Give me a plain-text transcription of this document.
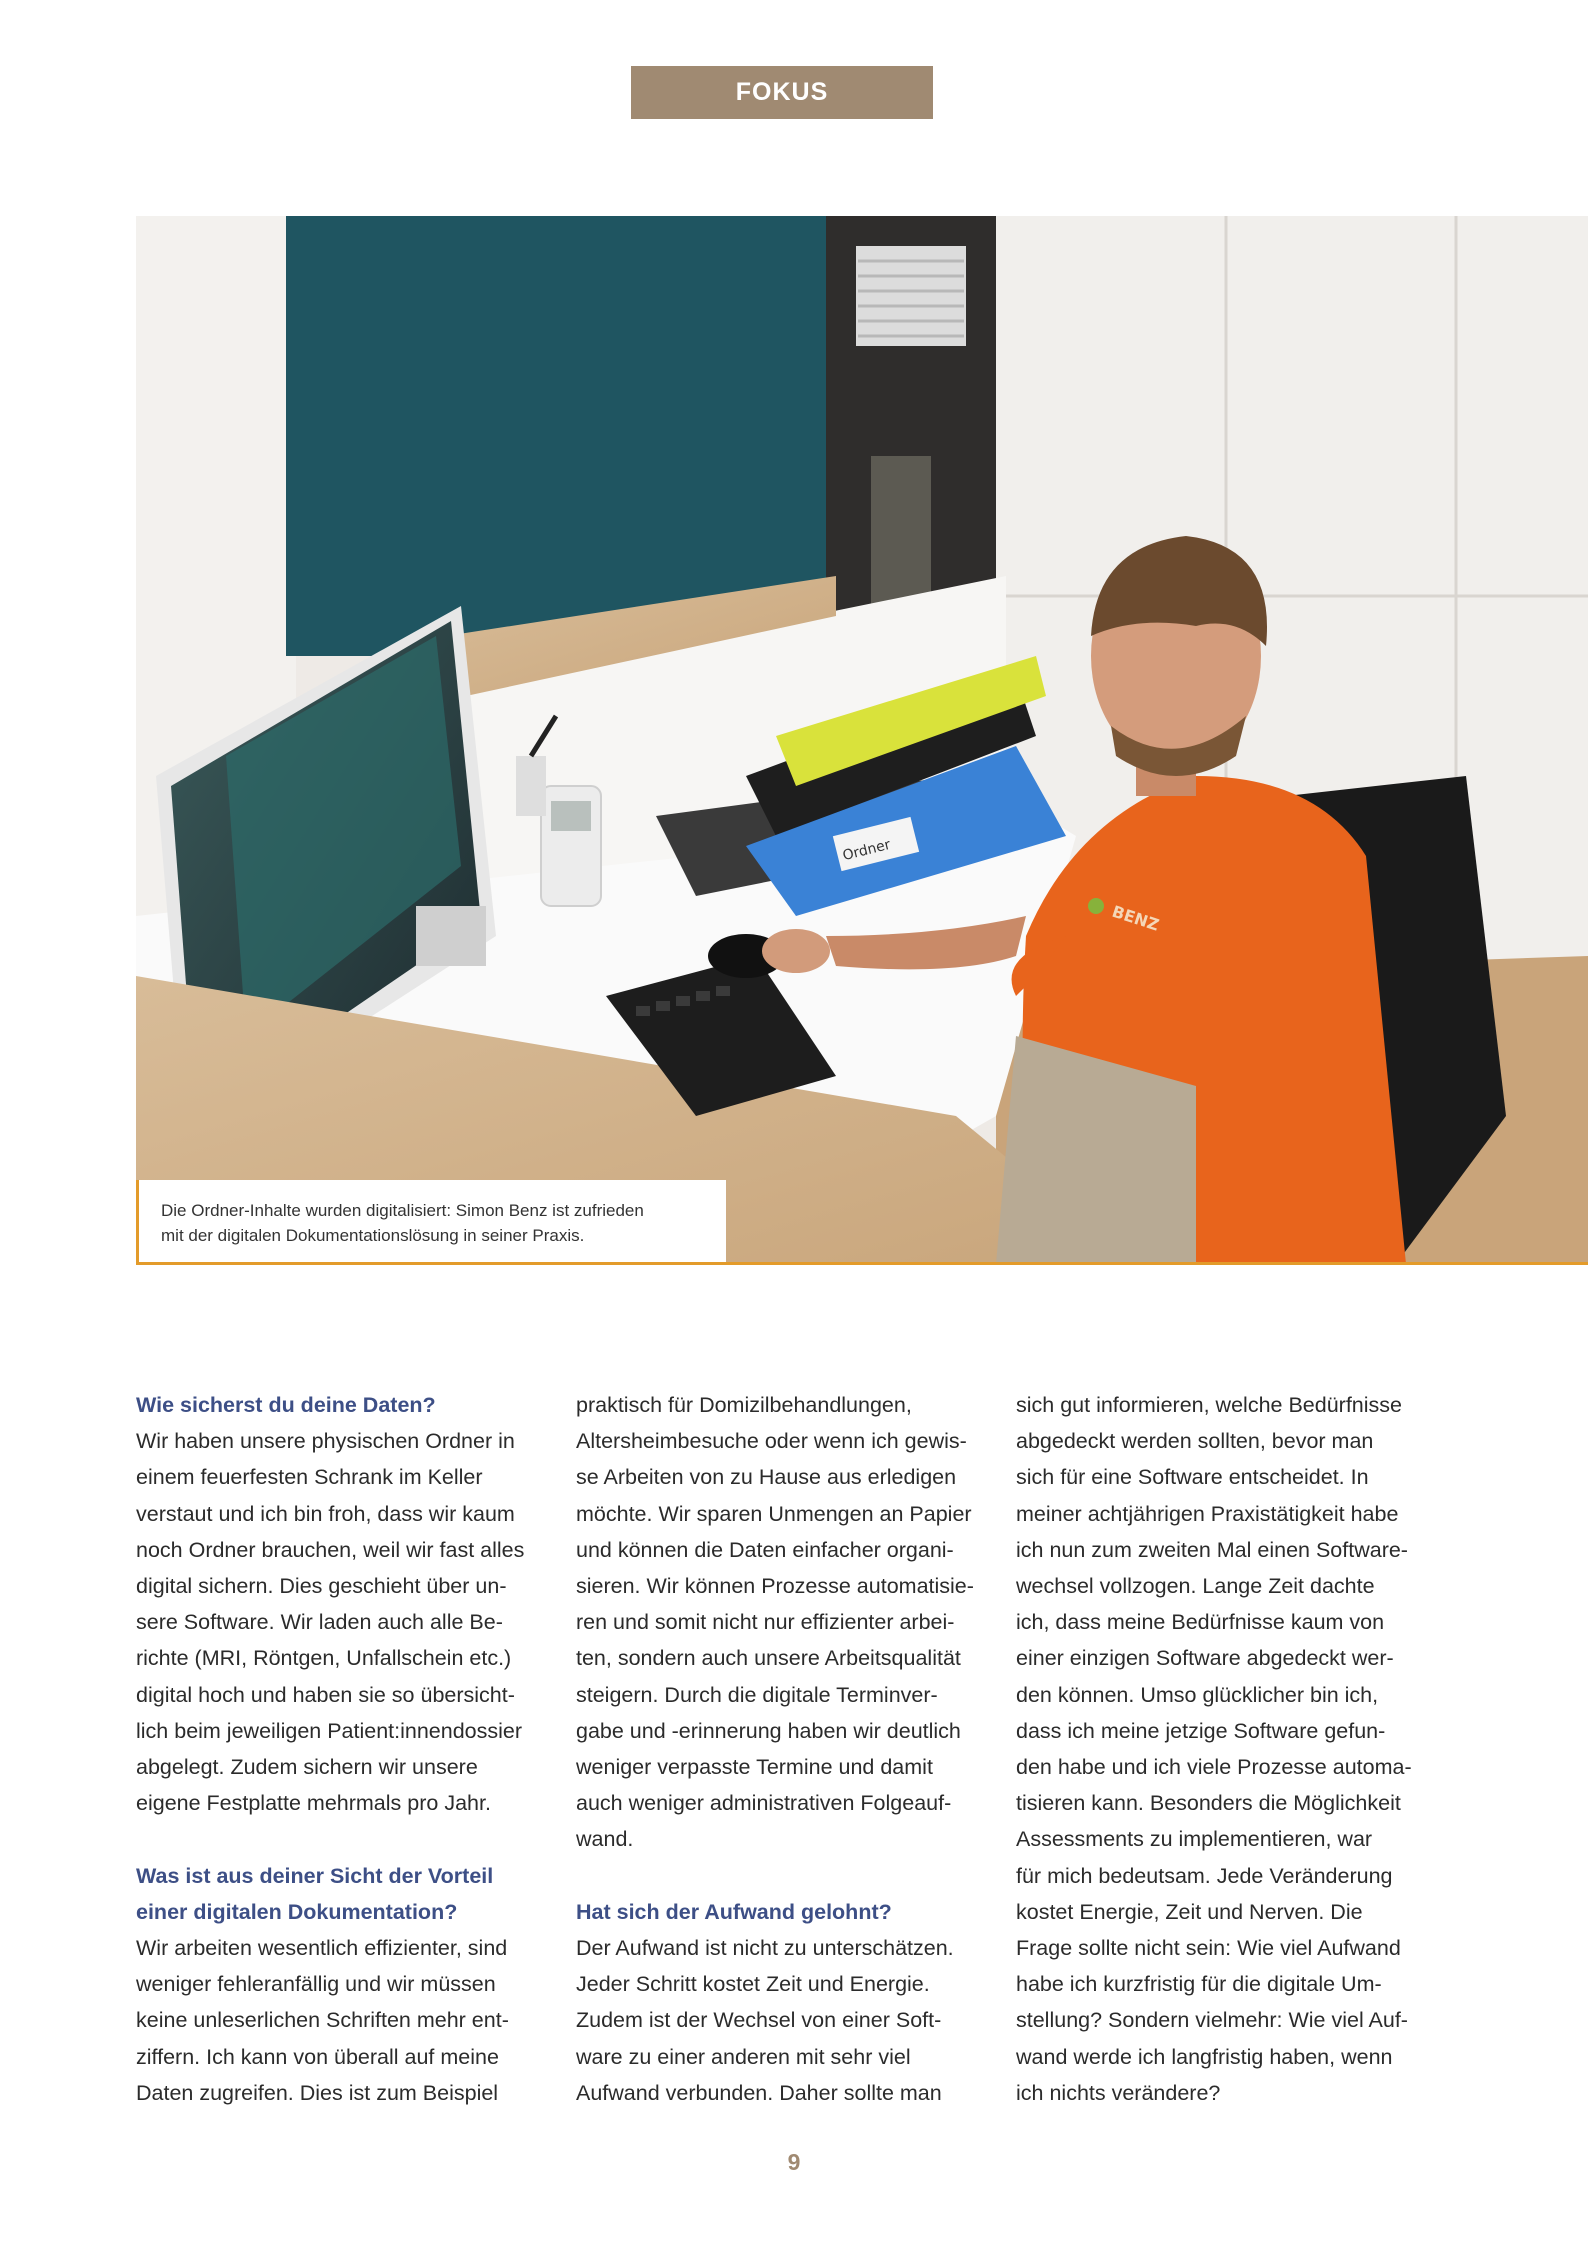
FOKUS
Ordner
BENZ
Die Ordner-Inhalte wurden digitalisiert: Simon Benz ist zufrieden
mit der digitalen Dokumentationslösung in seiner Praxis.
Wie sicherst du deine Daten?

Wir haben unsere physischen Ordner in
einem feuerfesten Schrank im Keller
verstaut und ich bin froh, dass wir kaum
noch Ordner brauchen, weil wir fast alles
digital sichern. Dies geschieht über un-
sere Software. Wir laden auch alle Be-
richte (MRI, Röntgen, Unfallschein etc.)
digital hoch und haben sie so übersicht-
lich beim jeweiligen Patient:innendossier
abgelegt. Zudem sichern wir unsere
eigene Festplatte mehrmals pro Jahr.

Was ist aus deiner Sicht der Vorteil
einer digitalen Dokumentation?

Wir arbeiten wesentlich effizienter, sind
weniger fehleranfällig und wir müssen
keine unleserlichen Schriften mehr ent-
ziffern. Ich kann von überall auf meine
Daten zugreifen. Dies ist zum Beispiel

praktisch für Domizilbehandlungen,
Altersheimbesuche oder wenn ich gewis-
se Arbeiten von zu Hause aus erledigen
möchte. Wir sparen Unmengen an Papier
und können die Daten einfacher organi-
sieren. Wir können Prozesse automatisie-
ren und somit nicht nur effizienter arbei-
ten, sondern auch unsere Arbeitsqualität
steigern. Durch die digitale Terminver-
gabe und -erinnerung haben wir deutlich
weniger verpasste Termine und damit
auch weniger administrativen Folgeauf-
wand.

Hat sich der Aufwand gelohnt?

Der Aufwand ist nicht zu unterschätzen.
Jeder Schritt kostet Zeit und Energie.
Zudem ist der Wechsel von einer Soft-
ware zu einer anderen mit sehr viel
Aufwand verbunden. Daher sollte man

sich gut informieren, welche Bedürfnisse
abgedeckt werden sollten, bevor man
sich für eine Software entscheidet. In
meiner achtjährigen Praxistätigkeit habe
ich nun zum zweiten Mal einen Software-
wechsel vollzogen. Lange Zeit dachte
ich, dass meine Bedürfnisse kaum von
einer einzigen Software abgedeckt wer-
den können. Umso glücklicher bin ich,
dass ich meine jetzige Software gefun-
den habe und ich viele Prozesse automa-
tisieren kann. Besonders die Möglichkeit
Assessments zu implementieren, war
für mich bedeutsam. Jede Veränderung
kostet Energie, Zeit und Nerven. Die
Frage sollte nicht sein: Wie viel Aufwand
habe ich kurzfristig für die digitale Um-
stellung? Sondern vielmehr: Wie viel Auf-
wand werde ich langfristig haben, wenn
ich nichts verändere?

9
